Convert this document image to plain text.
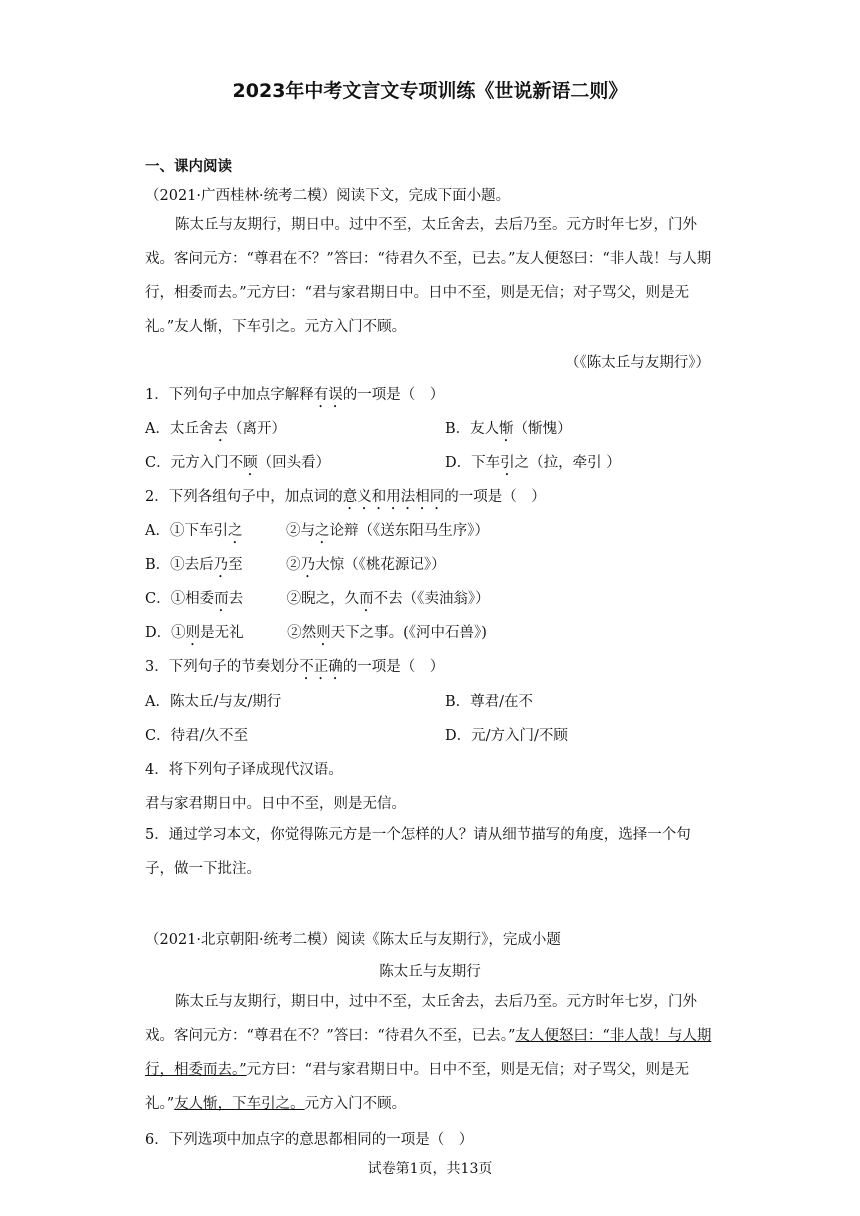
2023年中考文言文专项训练《世说新语二则》
一、课内阅读
（2021·广西桂林·统考二模）阅读下文，完成下面小题。
陈太丘与友期行，期日中。过中不至，太丘舍去，去后乃至。元方时年七岁，门外戏。客问元方：“尊君在不？”答曰：“待君久不至，已去。”友人便怒曰：“非人哉！与人期行，相委而去。”元方曰：“君与家君期日中。日中不至，则是无信；对子骂父，则是无礼。”友人惭，下车引之。元方入门不顾。
（《陈太丘与友期行》）
1．下列句子中加点字解释有误的一项是（　）
A．太丘舍去（离开）	B．友人惭（惭愧）
C．元方入门不顾（回头看）	D．下车引之（拉，牵引 ）
2．下列各组句子中，加点词的意义和用法相同的一项是（　）
A．①下车引之　　　②与之论辩（《送东阳马生序》）
B．①去后乃至　　　②乃大惊（《桃花源记》）
C．①相委而去　　　②睨之，久而不去（《卖油翁》）
D．①则是无礼　　　②然则天下之事。(《河中石兽》)
3．下列句子的节奏划分不正确的一项是（　）
A．陈太丘/与友/期行	B．尊君/在不
C．待君/久不至	D．元/方入门/不顾
4．将下列句子译成现代汉语。
君与家君期日中。日中不至，则是无信。
5．通过学习本文，你觉得陈元方是一个怎样的人？请从细节描写的角度，选择一个句子，做一下批注。
（2021·北京朝阳·统考二模）阅读《陈太丘与友期行》，完成小题
陈太丘与友期行
陈太丘与友期行，期日中，过中不至，太丘舍去，去后乃至。元方时年七岁，门外戏。客问元方：“尊君在不？”答曰：“待君久不至，已去。”友人便怒曰：“非人哉！与人期行，相委而去。”元方曰：“君与家君期日中。日中不至，则是无信；对子骂父，则是无礼。”友人惭，下车引之。元方入门不顾。
6．下列选项中加点字的意思都相同的一项是（　）
试卷第1页，共13页
